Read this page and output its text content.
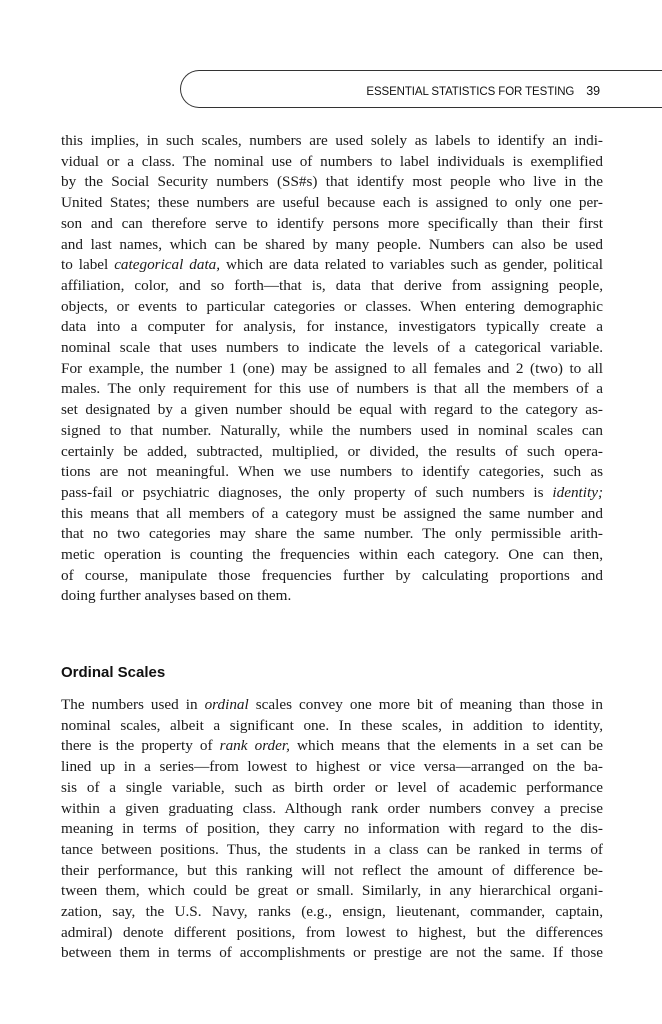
ESSENTIAL STATISTICS FOR TESTING 39
this implies, in such scales, numbers are used solely as labels to identify an indi-
vidual or a class. The nominal use of numbers to label individuals is exemplified
by the Social Security numbers (SS#s) that identify most people who live in the
United States; these numbers are useful because each is assigned to only one per-
son and can therefore serve to identify persons more specifically than their first
and last names, which can be shared by many people. Numbers can also be used
to label categorical data, which are data related to variables such as gender, political
affiliation, color, and so forth—that is, data that derive from assigning people,
objects, or events to particular categories or classes. When entering demographic
data into a computer for analysis, for instance, investigators typically create a
nominal scale that uses numbers to indicate the levels of a categorical variable.
For example, the number 1 (one) may be assigned to all females and 2 (two) to all
males. The only requirement for this use of numbers is that all the members of a
set designated by a given number should be equal with regard to the category as-
signed to that number. Naturally, while the numbers used in nominal scales can
certainly be added, subtracted, multiplied, or divided, the results of such opera-
tions are not meaningful. When we use numbers to identify categories, such as
pass-fail or psychiatric diagnoses, the only property of such numbers is identity;
this means that all members of a category must be assigned the same number and
that no two categories may share the same number. The only permissible arith-
metic operation is counting the frequencies within each category. One can then,
of course, manipulate those frequencies further by calculating proportions and
doing further analyses based on them.
Ordinal Scales
The numbers used in ordinal scales convey one more bit of meaning than those in
nominal scales, albeit a significant one. In these scales, in addition to identity,
there is the property of rank order, which means that the elements in a set can be
lined up in a series—from lowest to highest or vice versa—arranged on the ba-
sis of a single variable, such as birth order or level of academic performance
within a given graduating class. Although rank order numbers convey a precise
meaning in terms of position, they carry no information with regard to the dis-
tance between positions. Thus, the students in a class can be ranked in terms of
their performance, but this ranking will not reflect the amount of difference be-
tween them, which could be great or small. Similarly, in any hierarchical organi-
zation, say, the U.S. Navy, ranks (e.g., ensign, lieutenant, commander, captain,
admiral) denote different positions, from lowest to highest, but the differences
between them in terms of accomplishments or prestige are not the same. If those
